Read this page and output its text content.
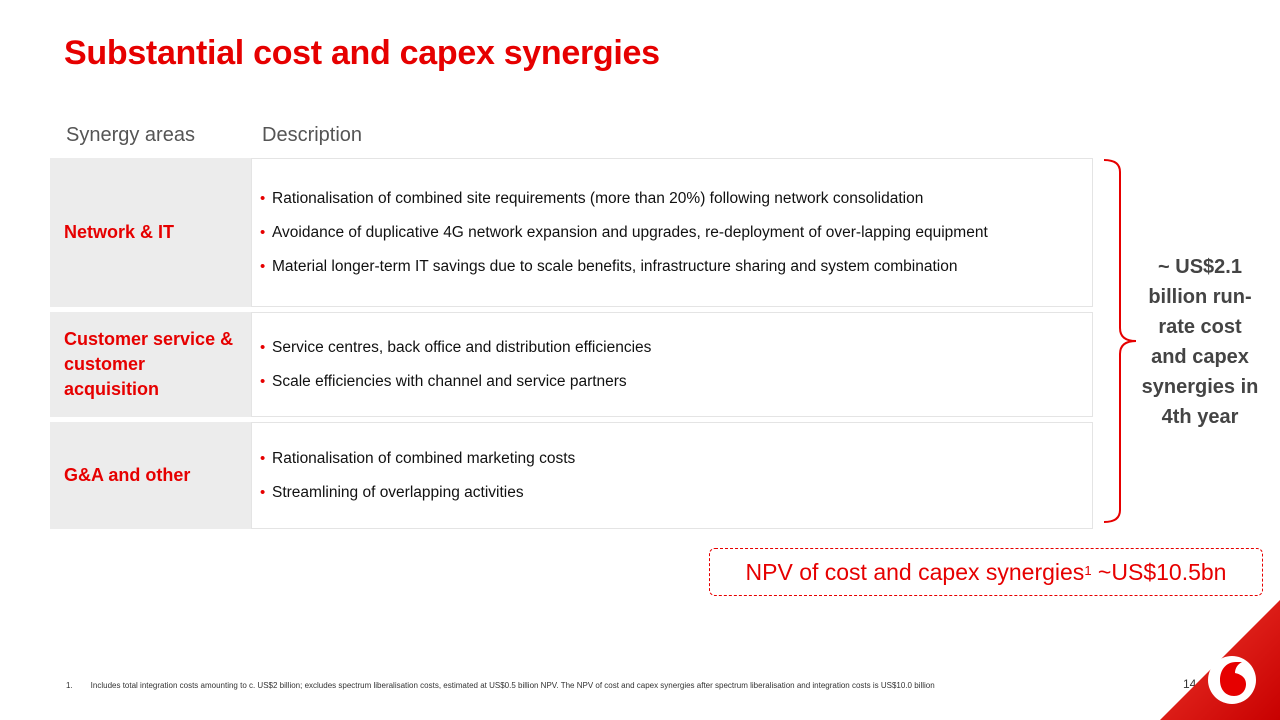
Substantial cost and capex synergies
Synergy areas	Description
Network & IT
• Rationalisation of combined site requirements (more than 20%) following network consolidation
• Avoidance of duplicative 4G network expansion and upgrades, re-deployment of over-lapping equipment
• Material longer-term IT savings due to scale benefits, infrastructure sharing and system combination
Customer service & customer acquisition
• Service centres, back office and distribution efficiencies
• Scale efficiencies with channel and service partners
G&A and other
• Rationalisation of combined marketing costs
• Streamlining of overlapping activities
~ US$2.1 billion run-rate cost and capex synergies in 4th year
NPV of cost and capex synergies$^1$ ~US$10.5bn
1. Includes total integration costs amounting to c. US$2 billion; excludes spectrum liberalisation costs, estimated at US$0.5 billion NPV. The NPV of cost and capex synergies after spectrum liberalisation and integration costs is US$10.0 billion	14
